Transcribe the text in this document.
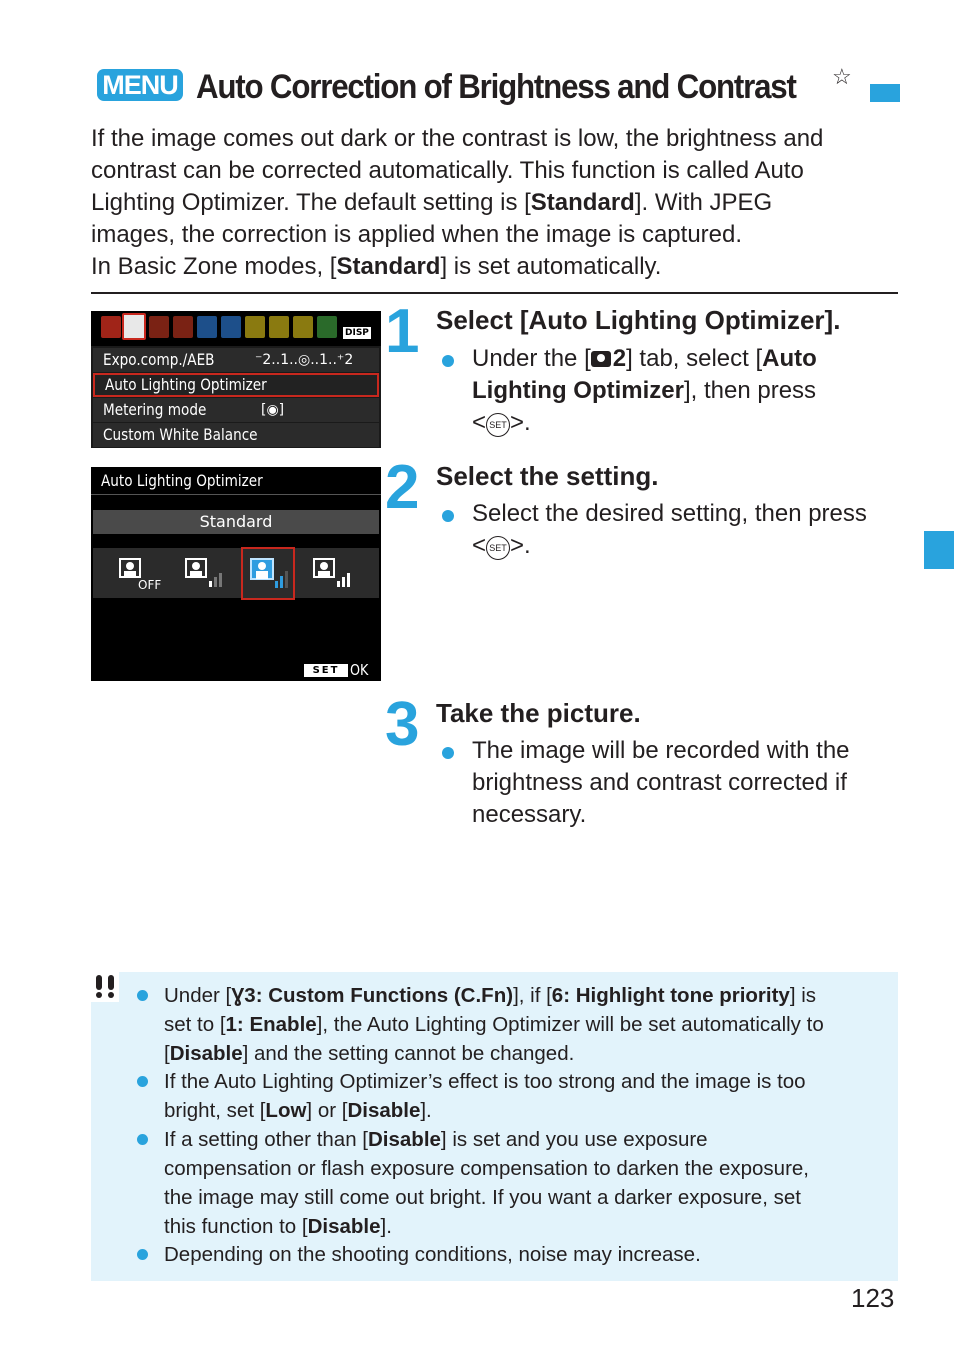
MENU Auto Correction of Brightness and Contrast ☆

If the image comes out dark or the contrast is low, the brightness and

contrast can be corrected automatically. This function is called Auto

Lighting Optimizer. The default setting is [Standard]. With JPEG

images, the correction is applied when the image is captured.

In Basic Zone modes, [Standard] is set automatically.

DISP
Expo.comp./AEB	⁻2..1..◎..1..⁺2
Auto Lighting Optimizer
Metering mode	[◉]
Custom White Balance
Auto Lighting Optimizer
Standard
OFF
SET OK
1 Select [Auto Lighting Optimizer].
Under the [ 2] tab, select [Auto
Lighting Optimizer], then press
< SET >.
2 Select the setting.
Select the desired setting, then press
< SET >.
3 Take the picture.
The image will be recorded with the
brightness and contrast corrected if
necessary.
Under [Ɣ3: Custom Functions (C.Fn)], if [6: Highlight tone priority] is
set to [1: Enable], the Auto Lighting Optimizer will be set automatically to
[Disable] and the setting cannot be changed.
If the Auto Lighting Optimizer’s effect is too strong and the image is too
bright, set [Low] or [Disable].
If a setting other than [Disable] is set and you use exposure
compensation or flash exposure compensation to darken the exposure,
the image may still come out bright. If you want a darker exposure, set
this function to [Disable].
Depending on the shooting conditions, noise may increase.
123
